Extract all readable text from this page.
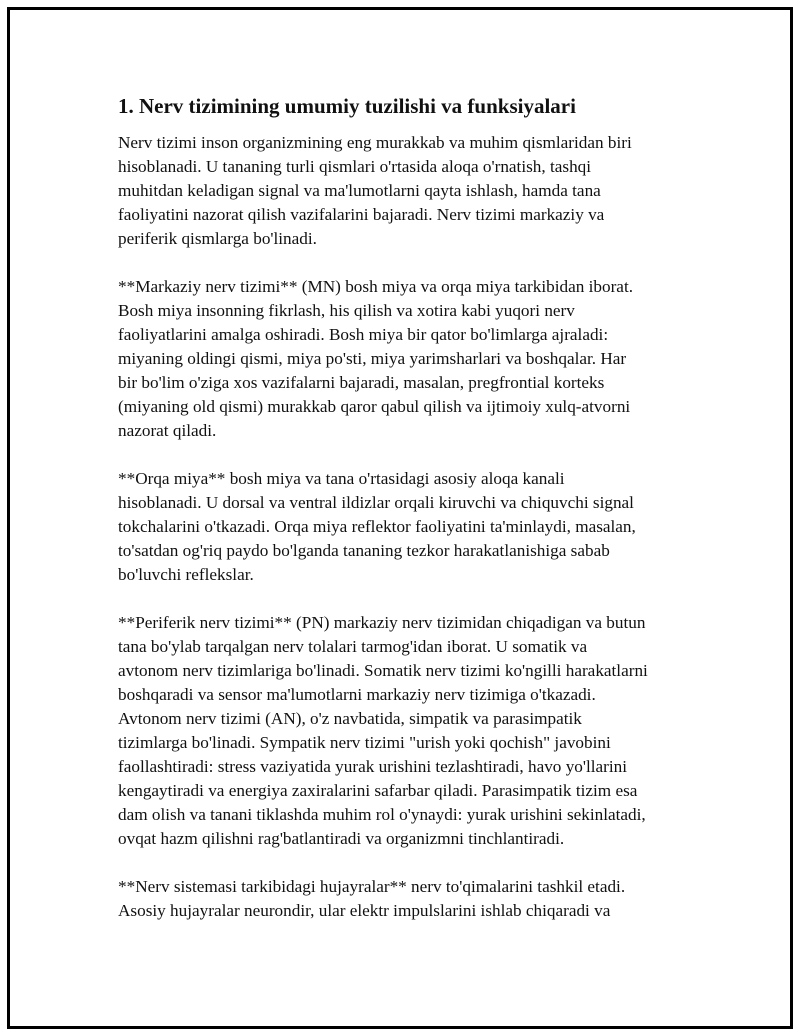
1. Nerv tizimining umumiy tuzilishi va funksiyalari
Nerv tizimi inson organizmining eng murakkab va muhim qismlaridan biri
hisoblanadi. U tananing turli qismlari o'rtasida aloqa o'rnatish, tashqi
muhitdan keladigan signal va ma'lumotlarni qayta ishlash, hamda tana
faoliyatini nazorat qilish vazifalarini bajaradi. Nerv tizimi markaziy va
periferik qismlarga bo'linadi.
**Markaziy nerv tizimi** (MN) bosh miya va orqa miya tarkibidan iborat.
Bosh miya insonning fikrlash, his qilish va xotira kabi yuqori nerv
faoliyatlarini amalga oshiradi. Bosh miya bir qator bo'limlarga ajraladi:
miyaning oldingi qismi, miya po'sti, miya yarimsharlari va boshqalar. Har
bir bo'lim o'ziga xos vazifalarni bajaradi, masalan, pregfrontial korteks
(miyaning old qismi) murakkab qaror qabul qilish va ijtimoiy xulq-atvorni
nazorat qiladi.
**Orqa miya** bosh miya va tana o'rtasidagi asosiy aloqa kanali
hisoblanadi. U dorsal va ventral ildizlar orqali kiruvchi va chiquvchi signal
tokchalarini o'tkazadi. Orqa miya reflektor faoliyatini ta'minlaydi, masalan,
to'satdan og'riq paydo bo'lganda tananing tezkor harakatlanishiga sabab
bo'luvchi reflekslar.
**Periferik nerv tizimi** (PN) markaziy nerv tizimidan chiqadigan va butun
tana bo'ylab tarqalgan nerv tolalari tarmog'idan iborat. U somatik va
avtonom nerv tizimlariga bo'linadi. Somatik nerv tizimi ko'ngilli harakatlarni
boshqaradi va sensor ma'lumotlarni markaziy nerv tizimiga o'tkazadi.
Avtonom nerv tizimi (AN), o'z navbatida, simpatik va parasimpatik
tizimlarga bo'linadi. Sympatik nerv tizimi "urish yoki qochish" javobini
faollashtiradi: stress vaziyatida yurak urishini tezlashtiradi, havo yo'llarini
kengaytiradi va energiya zaxiralarini safarbar qiladi. Parasimpatik tizim esa
dam olish va tanani tiklashda muhim rol o'ynaydi: yurak urishini sekinlatadi,
ovqat hazm qilishni rag'batlantiradi va organizmni tinchlantiradi.
**Nerv sistemasi tarkibidagi hujayralar** nerv to'qimalarini tashkil etadi.
Asosiy hujayralar neurondir, ular elektr impulslarini ishlab chiqaradi va
